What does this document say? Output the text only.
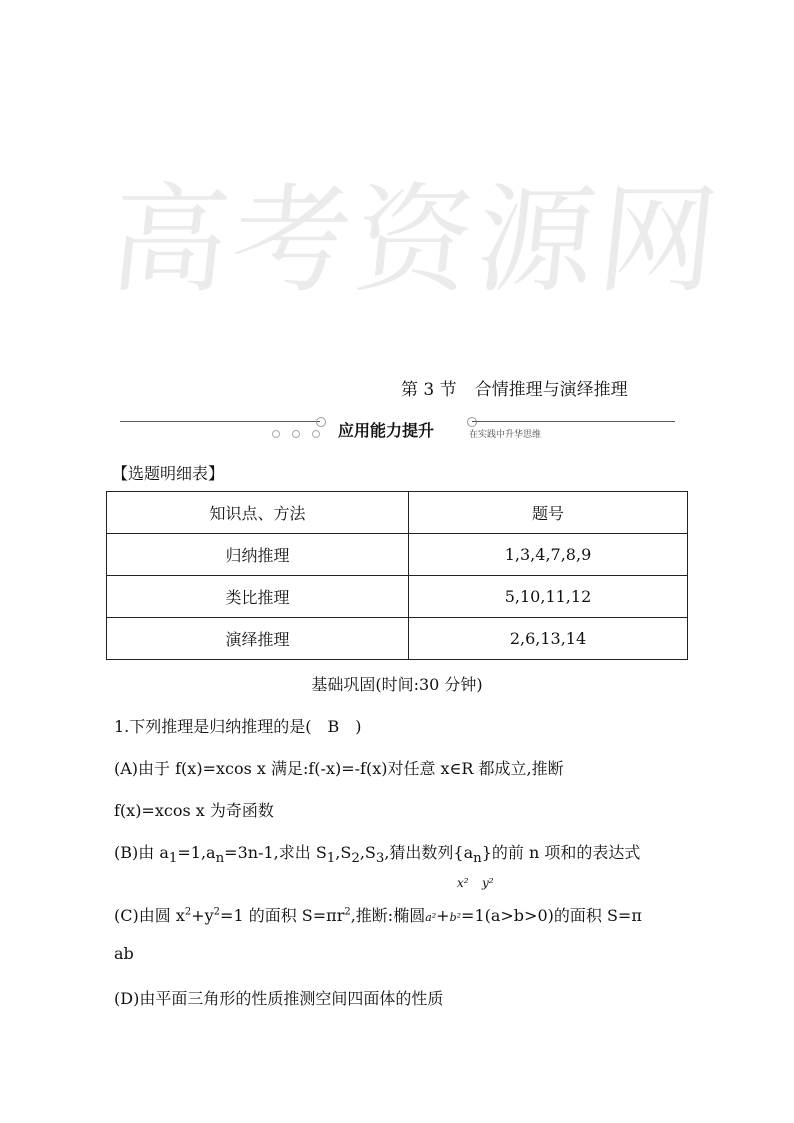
高考资源网
第 3 节 合情推理与演绎推理
应用能力提升	在实践中升华思维
【选题明细表】
知识点、方法	题号
归纳推理	1,3,4,7,8,9
类比推理	5,10,11,12
演绎推理	2,6,13,14
基础巩固(时间:30 分钟)
1.下列推理是归纳推理的是(　B　)
(A)由于 f(x)=xcos x 满足:f(-x)=-f(x)对任意 x∈R 都成立,推断
f(x)=xcos x 为奇函数
(B)由 $a_1=1,a_n=3n-1$,求出 $S_1,S_2,S_3$,猜出数列$\{a_n\}$的前 n 项和的表达式
x² y²
(C)由圆 $x^2+y^2=1$ 的面积 $S=\pi r^2$,推断:椭圆a²+b²=1(a>b>0)的面积 S=π
ab
(D)由平面三角形的性质推测空间四面体的性质
